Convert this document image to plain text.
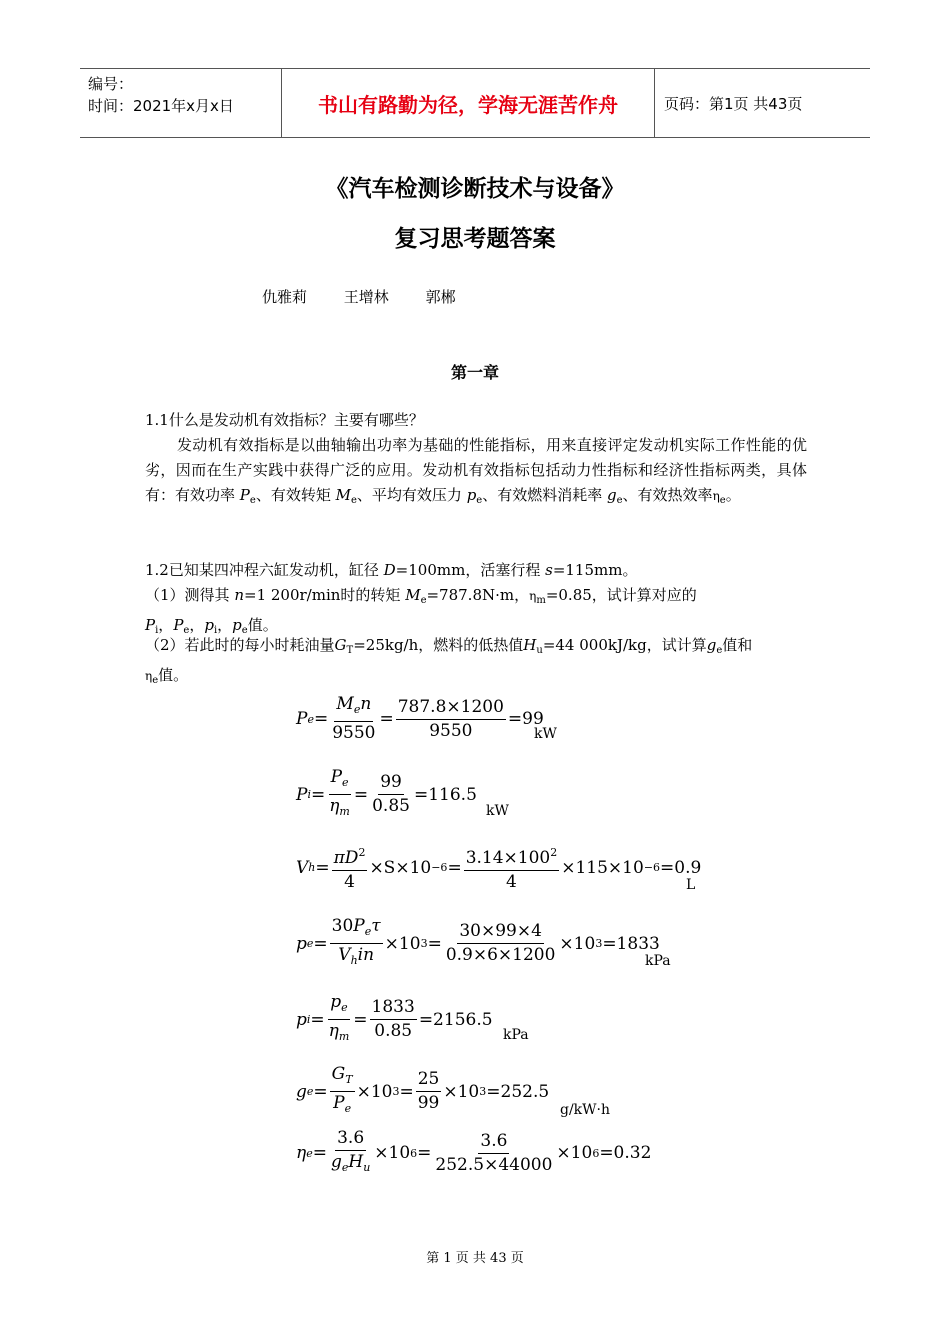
编号：
时间：2021年x月x日	书山有路勤为径，学海无涯苦作舟	页码：第1页 共43页
《汽车检测诊断技术与设备》
复习思考题答案
仇雅莉 王增林 郭郴
第一章
1.1什么是发动机有效指标？主要有哪些？
发动机有效指标是以曲轴输出功率为基础的性能指标，用来直接评定发动机实际工作性能的优劣，因而在生产实践中获得广泛的应用。发动机有效指标包括动力性指标和经济性指标两类，具体有：有效功率 $P_e$、有效转矩 $M_e$、平均有效压力 $p_e$、有效燃料消耗率 $g_e$、有效热效率$\eta_e$。
1.2已知某四冲程六缸发动机，缸径 D=100mm，活塞行程 s=115mm。
（1）测得其 n=1 200r/min时的转矩 $M_e=787.8N\cdot m$，$\eta_m=0.85$，试计算对应的
$P_i$，$P_e$，$p_i$，$p_e$值。
（2）若此时的每小时耗油量$G_T=25kg/h$，燃料的低热值$H_u=44$ 000kJ/kg，试计算$g_e$值和
$\eta_e$值。
P $e = \frac{M_en}{9550} = \frac{787.8\times 1200}{9550} =99$
kW
P $i = \frac{P_e}{\eta_m} = \frac{99}{0.85} =116.5$
kW
V $h = \frac{\pi D^2}{4} \times S\times 10 -6 = \frac{3.14\times 100^2}{4} \times 115\times 10 -6 =0.9$
L
p $e = \frac{30P_e\tau}{V_hin} \times 10$ $3 = \frac{30\times 99\times 4}{0.9\times 6\times 1200} \times 10$ 3 =1833
kPa
p $i = \frac{p_e}{\eta_m} = \frac{1833}{0.85} =2156.5$
kPa
g $e = \frac{G_T}{P_e} \times 10$ $3 = \frac{25}{99} \times 10$ 3 =252.5
g/kW·h
η $e = \frac{3.6}{g_eH_u} \times 10$ $6 = \frac{3.6}{252.5\times 44000} \times 10$ 6 =0.32
第 1 页 共 43 页
